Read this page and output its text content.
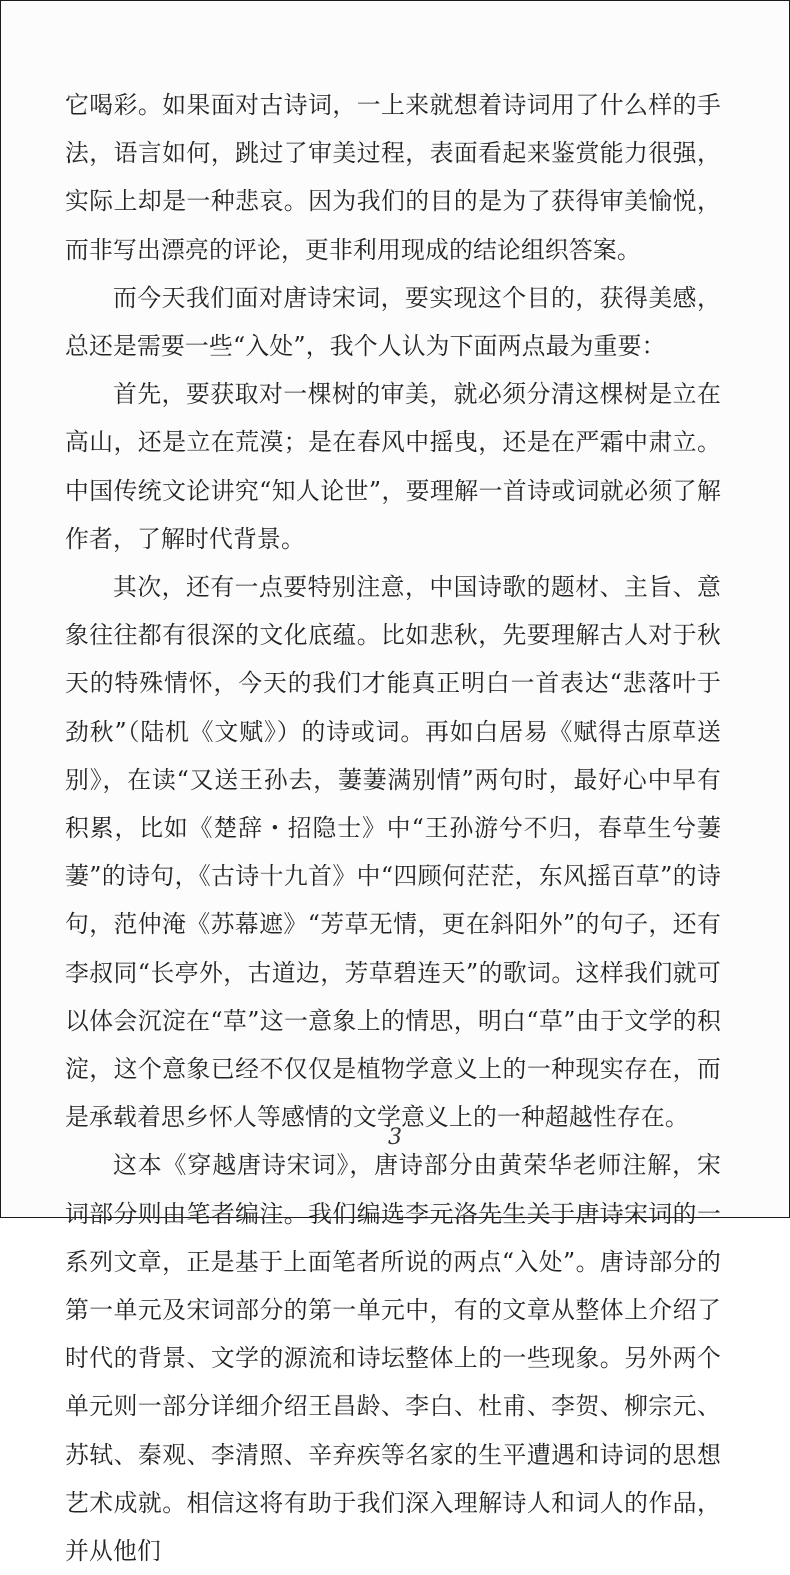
它喝彩。如果面对古诗词，一上来就想着诗词用了什么样的手法，语言如何，跳过了审美过程，表面看起来鉴赏能力很强，实际上却是一种悲哀。因为我们的目的是为了获得审美愉悦，而非写出漂亮的评论，更非利用现成的结论组织答案。

而今天我们面对唐诗宋词，要实现这个目的，获得美感，总还是需要一些“入处”，我个人认为下面两点最为重要：

首先，要获取对一棵树的审美，就必须分清这棵树是立在高山，还是立在荒漠；是在春风中摇曳，还是在严霜中肃立。中国传统文论讲究“知人论世”，要理解一首诗或词就必须了解作者，了解时代背景。

其次，还有一点要特别注意，中国诗歌的题材、主旨、意象往往都有很深的文化底蕴。比如悲秋，先要理解古人对于秋天的特殊情怀，今天的我们才能真正明白一首表达“悲落叶于劲秋”（陆机《文赋》）的诗或词。再如白居易《赋得古原草送别》，在读“又送王孙去，萋萋满别情”两句时，最好心中早有积累，比如《楚辞・招隐士》中“王孙游兮不归，春草生兮萋萋”的诗句，《古诗十九首》中“四顾何茫茫，东风摇百草”的诗句，范仲淹《苏幕遮》“芳草无情，更在斜阳外”的句子，还有李叔同“长亭外，古道边，芳草碧连天”的歌词。这样我们就可以体会沉淀在“草”这一意象上的情思，明白“草”由于文学的积淀，这个意象已经不仅仅是植物学意义上的一种现实存在，而是承载着思乡怀人等感情的文学意义上的一种超越性存在。

这本《穿越唐诗宋词》，唐诗部分由黄荣华老师注解，宋词部分则由笔者编注。我们编选李元洛先生关于唐诗宋词的一系列文章，正是基于上面笔者所说的两点“入处”。唐诗部分的第一单元及宋词部分的第一单元中，有的文章从整体上介绍了时代的背景、文学的源流和诗坛整体上的一些现象。另外两个单元则一部分详细介绍王昌龄、李白、杜甫、李贺、柳宗元、苏轼、秦观、李清照、辛弃疾等名家的生平遭遇和诗词的思想艺术成就。相信这将有助于我们深入理解诗人和词人的作品，并从他们

3
